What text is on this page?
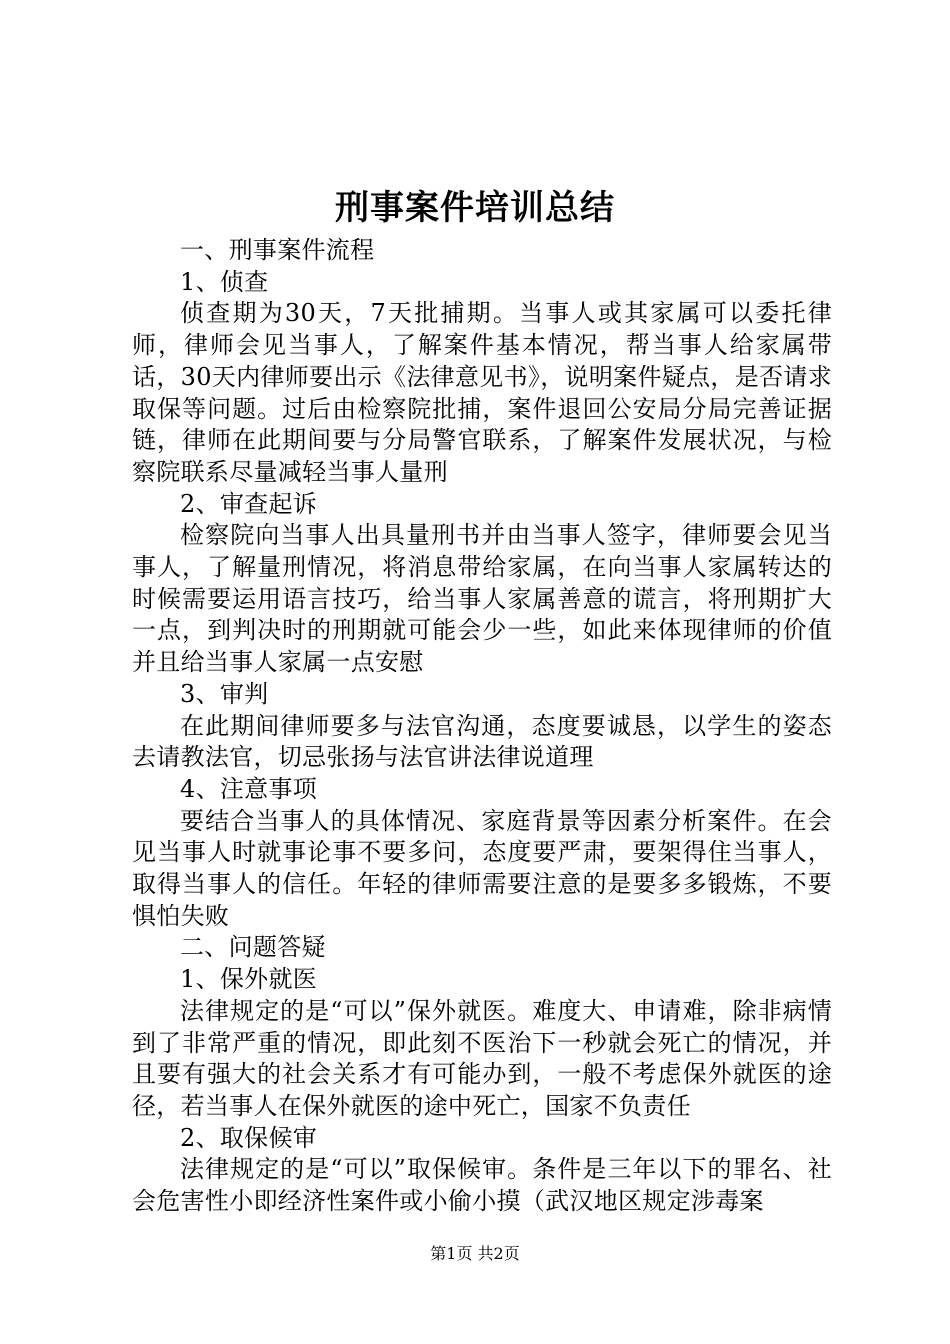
刑事案件培训总结

一、刑事案件流程

1、侦查

侦查期为30天，7天批捕期。当事人或其家属可以委托律师，律师会见当事人，了解案件基本情况，帮当事人给家属带话，30天内律师要出示《法律意见书》，说明案件疑点，是否请求取保等问题。过后由检察院批捕，案件退回公安局分局完善证据链，律师在此期间要与分局警官联系，了解案件发展状况，与检察院联系尽量减轻当事人量刑

2、审查起诉

检察院向当事人出具量刑书并由当事人签字，律师要会见当事人，了解量刑情况，将消息带给家属，在向当事人家属转达的时候需要运用语言技巧，给当事人家属善意的谎言，将刑期扩大一点，到判决时的刑期就可能会少一些，如此来体现律师的价值并且给当事人家属一点安慰

3、审判

在此期间律师要多与法官沟通，态度要诚恳，以学生的姿态去请教法官，切忌张扬与法官讲法律说道理

4、注意事项

要结合当事人的具体情况、家庭背景等因素分析案件。在会见当事人时就事论事不要多问，态度要严肃，要架得住当事人，取得当事人的信任。年轻的律师需要注意的是要多多锻炼，不要惧怕失败

二、问题答疑

1、保外就医

法律规定的是“可以”保外就医。难度大、申请难，除非病情到了非常严重的情况，即此刻不医治下一秒就会死亡的情况，并且要有强大的社会关系才有可能办到，一般不考虑保外就医的途径，若当事人在保外就医的途中死亡，国家不负责任

2、取保候审

法律规定的是“可以”取保候审。条件是三年以下的罪名、社会危害性小即经济性案件或小偷小摸（武汉地区规定涉毒案

第1页 共2页
